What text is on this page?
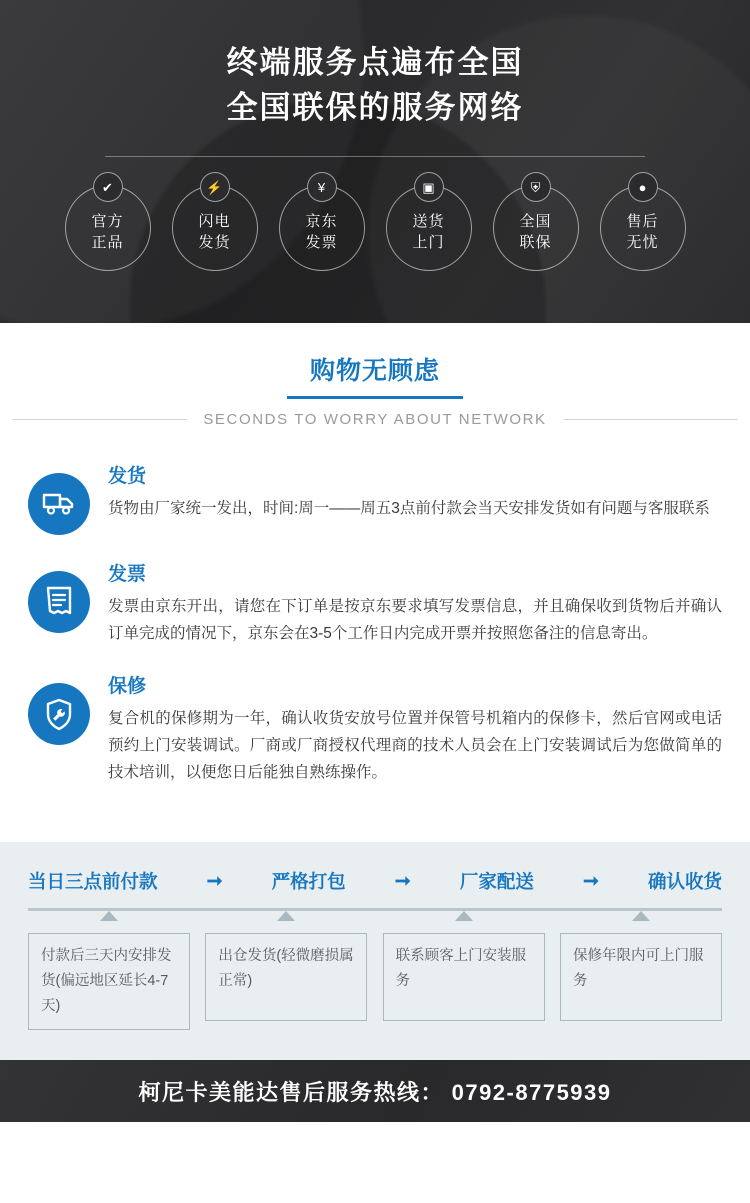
终端服务点遍布全国
全国联保的服务网络
✔
官方
正品
⚡
闪电
发货
¥
京东
发票
▣
送货
上门
⛨
全国
联保
●
售后
无忧
购物无顾虑
SECONDS TO WORRY ABOUT NETWORK
发货
货物由厂家统一发出，时间:周一——周五3点前付款会当天安排发货如有问题与客服联系
发票
发票由京东开出，请您在下订单是按京东要求填写发票信息，并且确保收到货物后并确认订单完成的情况下，京东会在3-5个工作日内完成开票并按照您备注的信息寄出。
保修
复合机的保修期为一年，确认收货安放号位置并保管号机箱内的保修卡，然后官网或电话预约上门安装调试。厂商或厂商授权代理商的技术人员会在上门安装调试后为您做简单的技术培训，以便您日后能独自熟练操作。
当日三点前付款	➞	严格打包	➞	厂家配送	➞	确认收货
付款后三天内安排发货(偏远地区延长4-7天)
出仓发货(轻微磨损属正常)
联系顾客上门安装服务
保修年限内可上门服务
柯尼卡美能达售后服务热线： 0792-8775939
